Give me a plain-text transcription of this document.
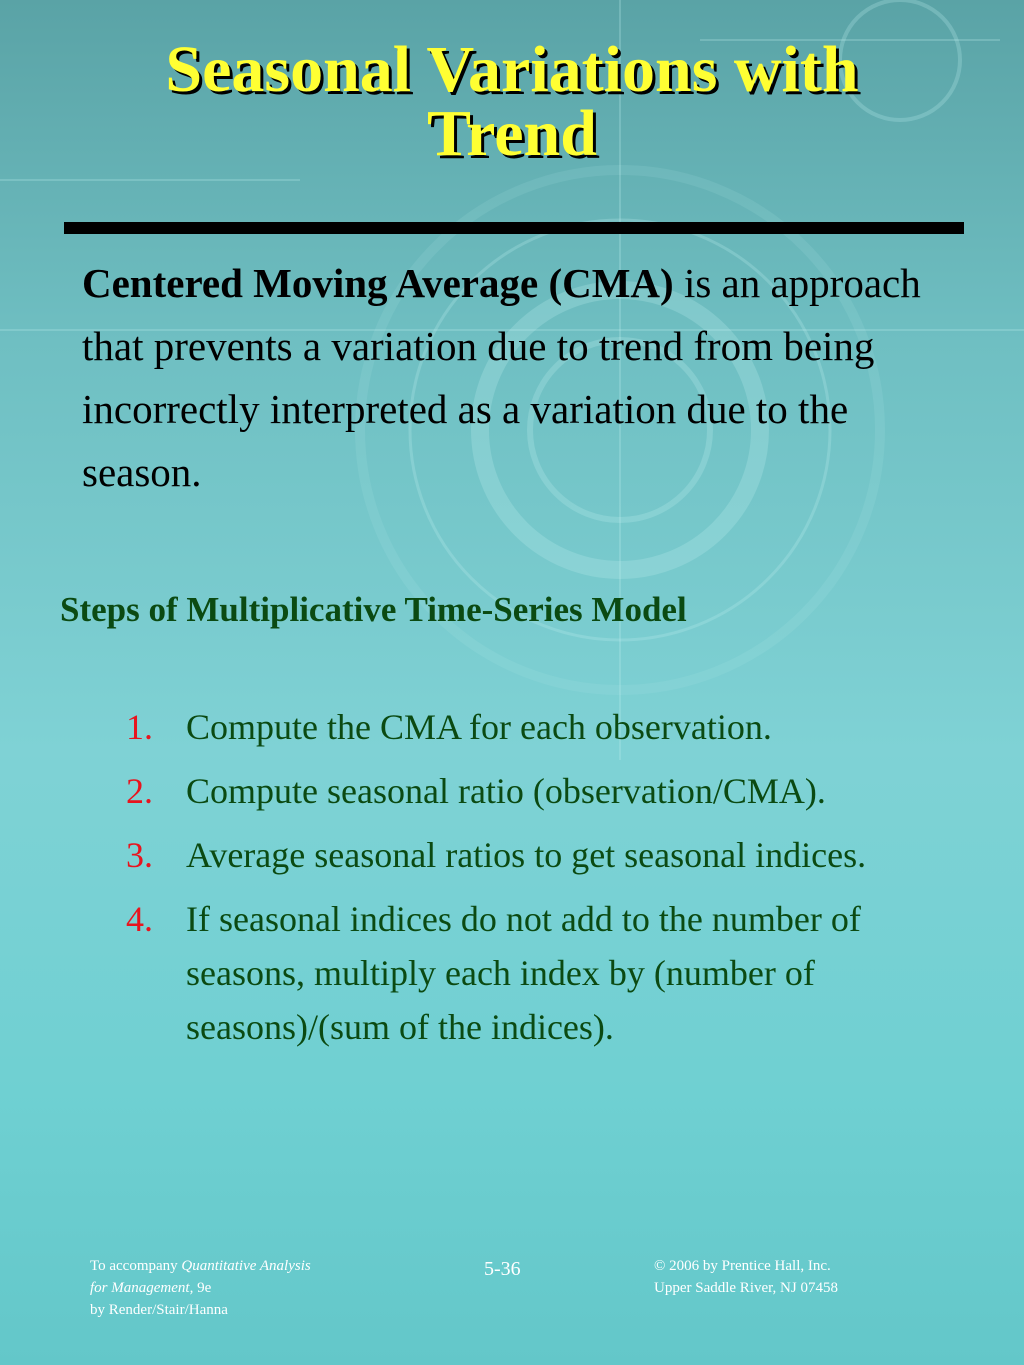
Seasonal Variations with
Trend
Centered Moving Average (CMA) is an approach that prevents a variation due to trend from being incorrectly interpreted as a variation due to the season.
Steps of Multiplicative Time-Series Model
1. Compute the CMA for each observation.
2. Compute seasonal ratio (observation/CMA).
3. Average seasonal ratios to get seasonal indices.
4. If seasonal indices do not add to the number of seasons, multiply each index by (number of seasons)/(sum of the indices).
To accompany Quantitative Analysis
for Management, 9e
by Render/Stair/Hanna
5-36	© 2006 by Prentice Hall, Inc.
Upper Saddle River, NJ 07458
